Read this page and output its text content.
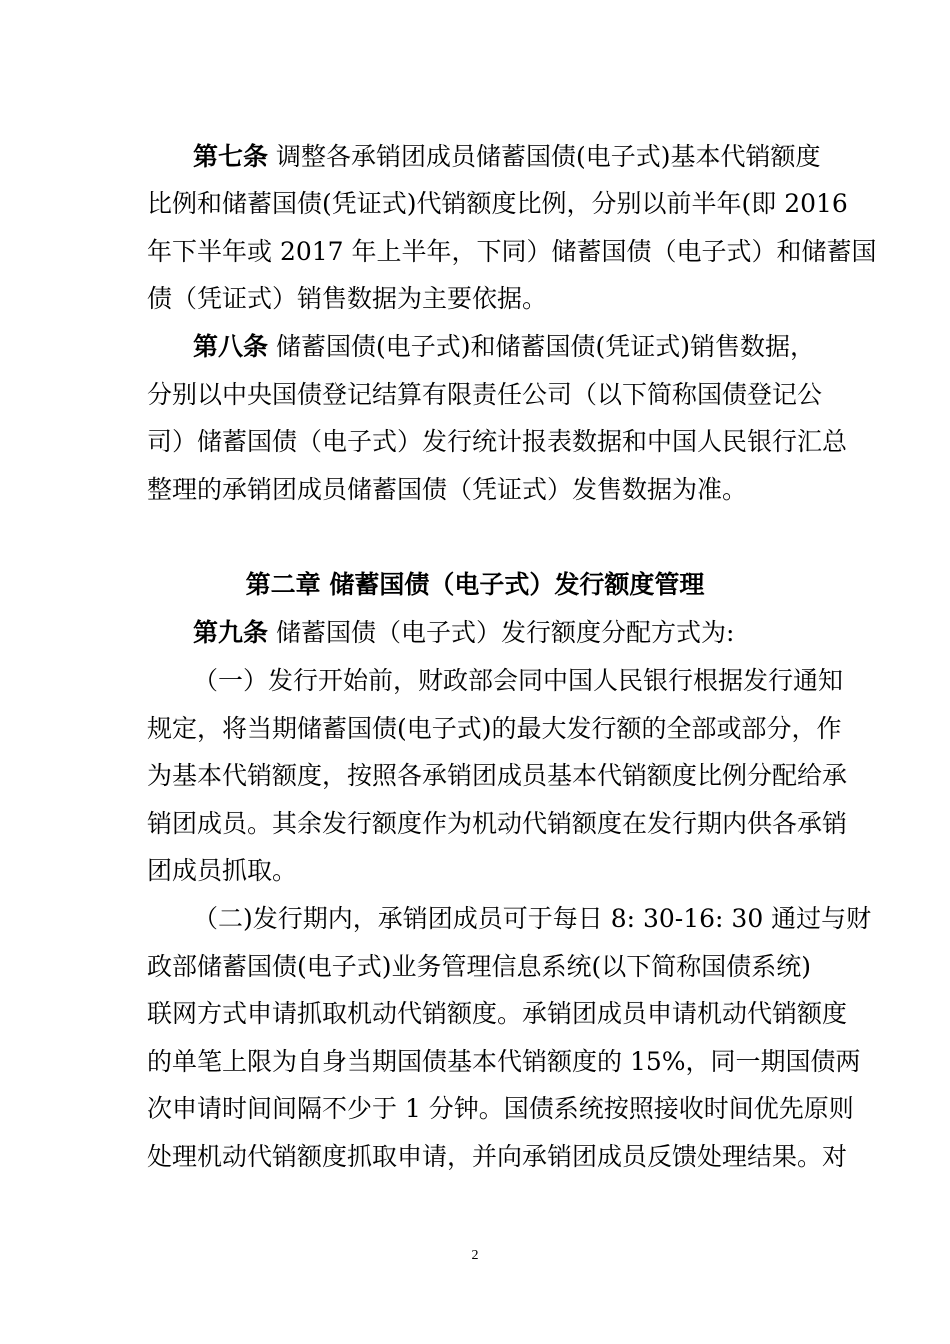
第七条 调整各承销团成员储蓄国债(电子式)基本代销额度
比例和储蓄国债(凭证式)代销额度比例，分别以前半年(即 2016
年下半年或 2017 年上半年，下同）储蓄国债（电子式）和储蓄国
债（凭证式）销售数据为主要依据。
第八条 储蓄国债(电子式)和储蓄国债(凭证式)销售数据，
分别以中央国债登记结算有限责任公司（以下简称国债登记公
司）储蓄国债（电子式）发行统计报表数据和中国人民银行汇总
整理的承销团成员储蓄国债（凭证式）发售数据为准。
第二章 储蓄国债（电子式）发行额度管理
第九条 储蓄国债（电子式）发行额度分配方式为:
（一）发行开始前，财政部会同中国人民银行根据发行通知
规定，将当期储蓄国债(电子式)的最大发行额的全部或部分，作
为基本代销额度，按照各承销团成员基本代销额度比例分配给承
销团成员。其余发行额度作为机动代销额度在发行期内供各承销
团成员抓取。
（二)发行期内，承销团成员可于每日 8: 30-16: 30 通过与财
政部储蓄国债(电子式)业务管理信息系统(以下简称国债系统)
联网方式申请抓取机动代销额度。承销团成员申请机动代销额度
的单笔上限为自身当期国债基本代销额度的 15%，同一期国债两
次申请时间间隔不少于 1 分钟。国债系统按照接收时间优先原则
处理机动代销额度抓取申请，并向承销团成员反馈处理结果。对
2
